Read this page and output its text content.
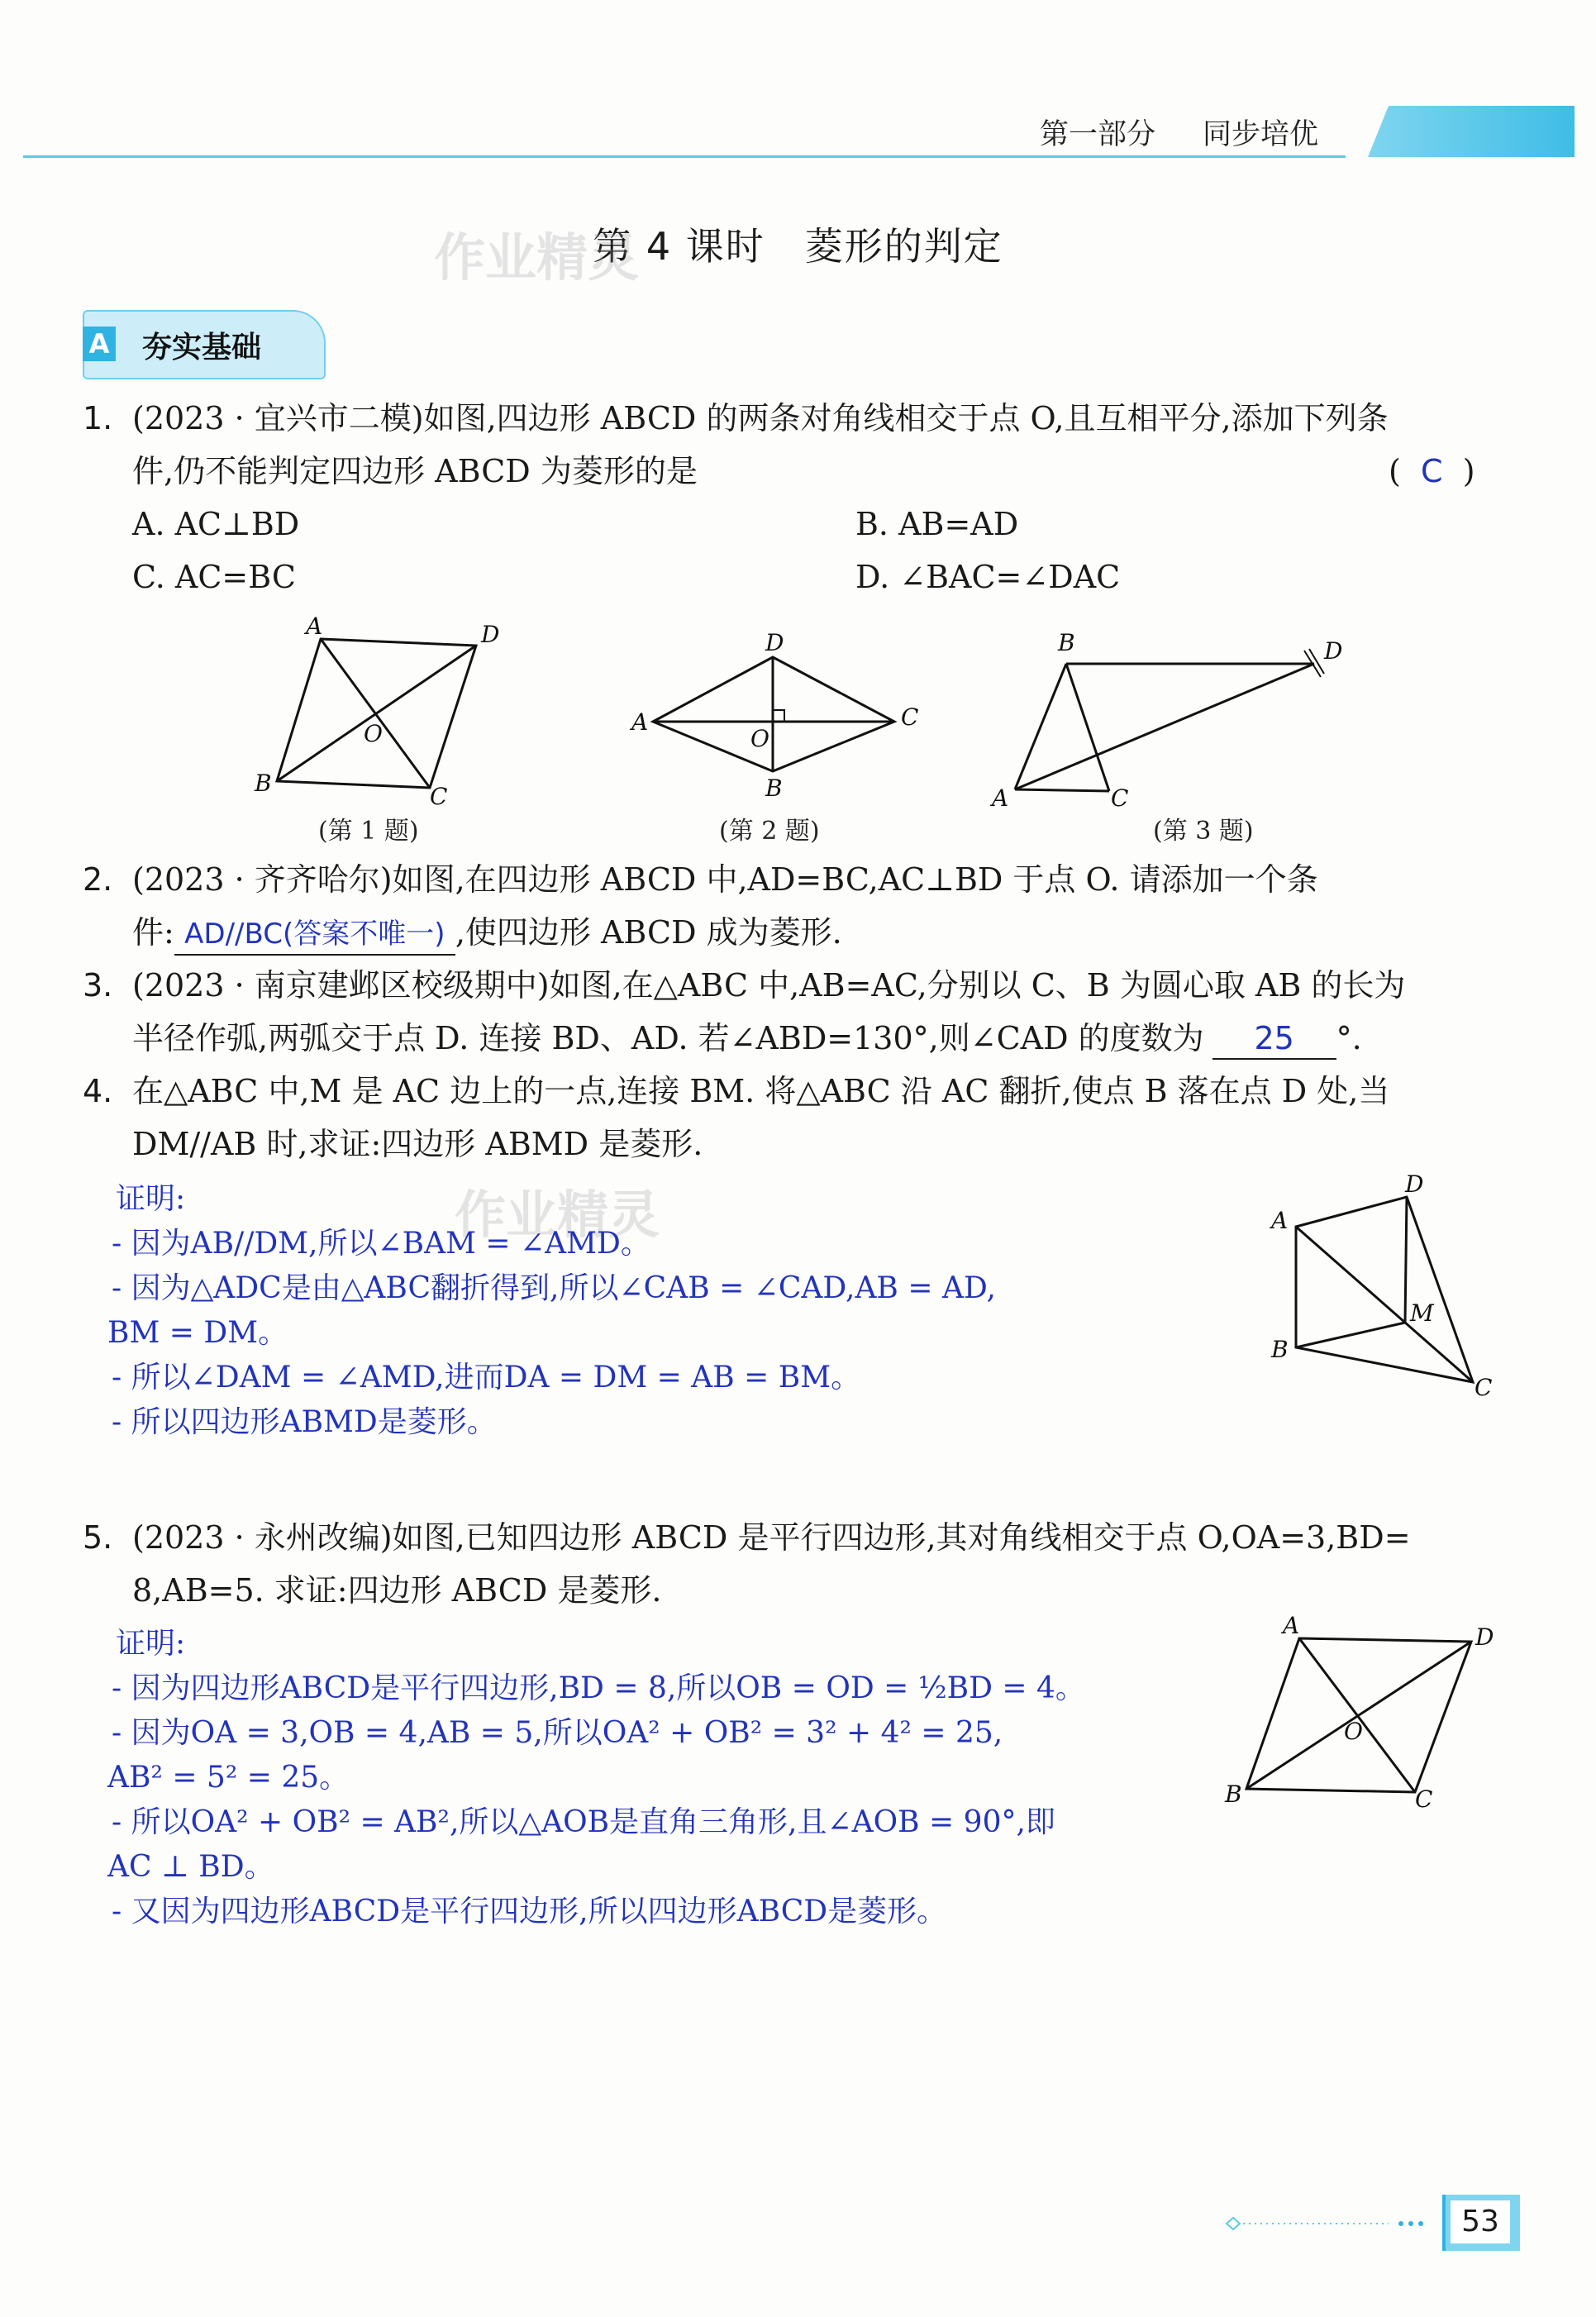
第一部分 同步培优
第 4 课时　菱形的判定
作业精灵
A 夯实基础
1. (2023 · 宜兴市二模)如图,四边形 ABCD 的两条对角线相交于点 O,且互相平分,添加下列条
件,仍不能判定四边形 ABCD 为菱形的是	(  C  )
A. AC⊥BD	B. AB=AD
C. AC=BC	D. ∠BAC=∠DAC
A	D
O
B	C
D
A
O
C
B
B	D
A	C
(第 1 题)	(第 2 题)	(第 3 题)
2. (2023 · 齐齐哈尔)如图,在四边形 ABCD 中,AD=BC,AC⊥BD 于点 O. 请添加一个条
件: AD//BC(答案不唯一) ,使四边形 ABCD 成为菱形.
3. (2023 · 南京建邺区校级期中)如图,在△ABC 中,AB=AC,分别以 C、B 为圆心取 AB 的长为
半径作弧,两弧交于点 D. 连接 BD、AD. 若∠ABD=130°,则∠CAD 的度数为 25 °.
4. 在△ABC 中,M 是 AC 边上的一点,连接 BM. 将△ABC 沿 AC 翻折,使点 B 落在点 D 处,当
DM//AB 时,求证:四边形 ABMD 是菱形.
作业精灵
证明:
- 因为AB//DM,所以∠BAM = ∠AMD。
- 因为△ADC是由△ABC翻折得到,所以∠CAB = ∠CAD,AB = AD,
BM = DM。
- 所以∠DAM = ∠AMD,进而DA = DM = AB = BM。
- 所以四边形ABMD是菱形。
A
D
M
B
C
5. (2023 · 永州改编)如图,已知四边形 ABCD 是平行四边形,其对角线相交于点 O,OA=3,BD=
8,AB=5. 求证:四边形 ABCD 是菱形.
证明:
- 因为四边形ABCD是平行四边形,BD = 8,所以OB = OD = ½BD = 4。
- 因为OA = 3,OB = 4,AB = 5,所以OA² + OB² = 3² + 4² = 25,
AB² = 5² = 25。
- 所以OA² + OB² = AB²,所以△AOB是直角三角形,且∠AOB = 90°,即
AC ⊥ BD。
- 又因为四边形ABCD是平行四边形,所以四边形ABCD是菱形。
A	D
O
B	C
53
